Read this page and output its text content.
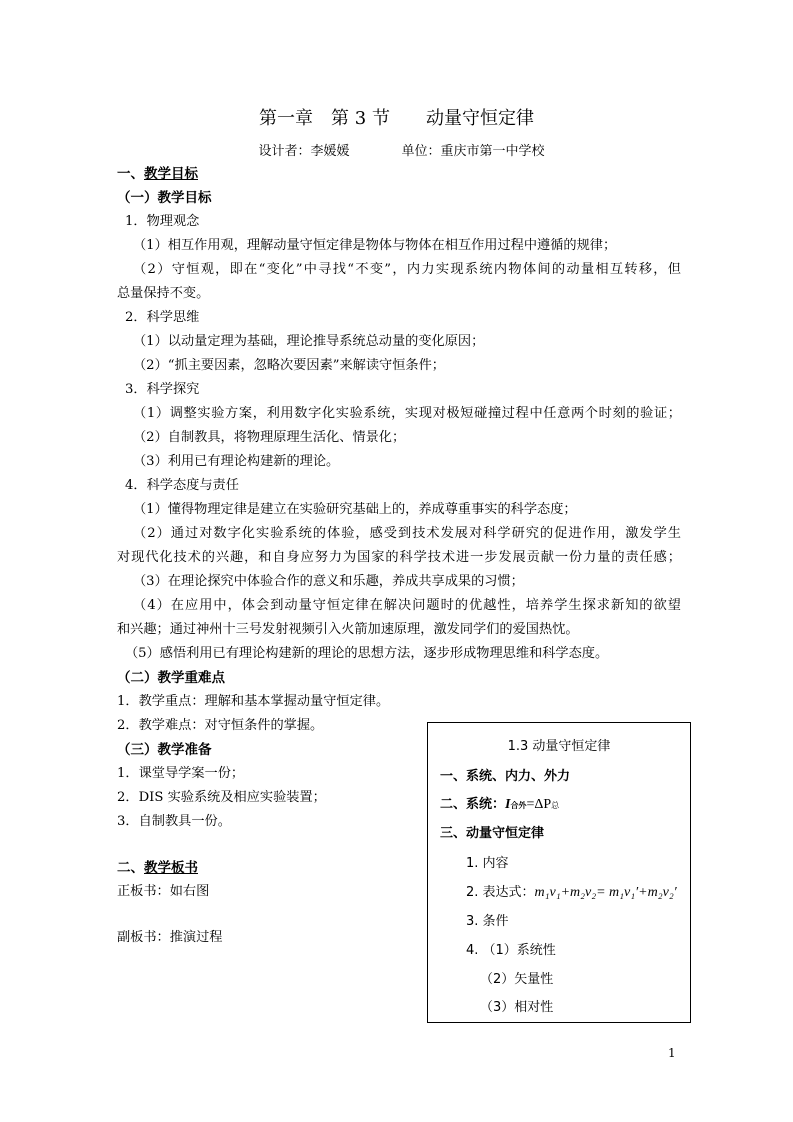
第一章　第 3 节　　动量守恒定律
设计者：李媛媛　　　　单位：重庆市第一中学校
一、教学目标
（一）教学目标
1．物理观念
（1）相互作用观，理解动量守恒定律是物体与物体在相互作用过程中遵循的规律；
（2）守恒观，即在“变化”中寻找“不变”，内力实现系统内物体间的动量相互转移，但
总量保持不变。
2．科学思维
（1）以动量定理为基础，理论推导系统总动量的变化原因；
（2）“抓主要因素，忽略次要因素”来解读守恒条件；
3．科学探究
（1）调整实验方案，利用数字化实验系统，实现对极短碰撞过程中任意两个时刻的验证；
（2）自制教具，将物理原理生活化、情景化；
（3）利用已有理论构建新的理论。
4．科学态度与责任
（1）懂得物理定律是建立在实验研究基础上的，养成尊重事实的科学态度；
（2）通过对数字化实验系统的体验，感受到技术发展对科学研究的促进作用，激发学生
对现代化技术的兴趣，和自身应努力为国家的科学技术进一步发展贡献一份力量的责任感；
（3）在理论探究中体验合作的意义和乐趣，养成共享成果的习惯；
（4）在应用中，体会到动量守恒定律在解决问题时的优越性，培养学生探求新知的欲望
和兴趣；通过神州十三号发射视频引入火箭加速原理，激发同学们的爱国热忱。
（5）感悟利用已有理论构建新的理论的思想方法，逐步形成物理思维和科学态度。
（二）教学重难点
1．教学重点：理解和基本掌握动量守恒定律。
2．教学难点：对守恒条件的掌握。
（三）教学准备
1．课堂导学案一份；
2．DIS 实验系统及相应实验装置；
3．自制教具一份。
二、教学板书
正板书：如右图
副板书：推演过程
1.3 动量守恒定律
一、系统、内力、外力
二、系统：I合外=ΔP总
三、动量守恒定律
1. 内容
2. 表达式：m₁v₁+m₂v₂= m₁v₁′+m₂v₂′
3. 条件
4. （1）系统性
（2）矢量性
（3）相对性
1
